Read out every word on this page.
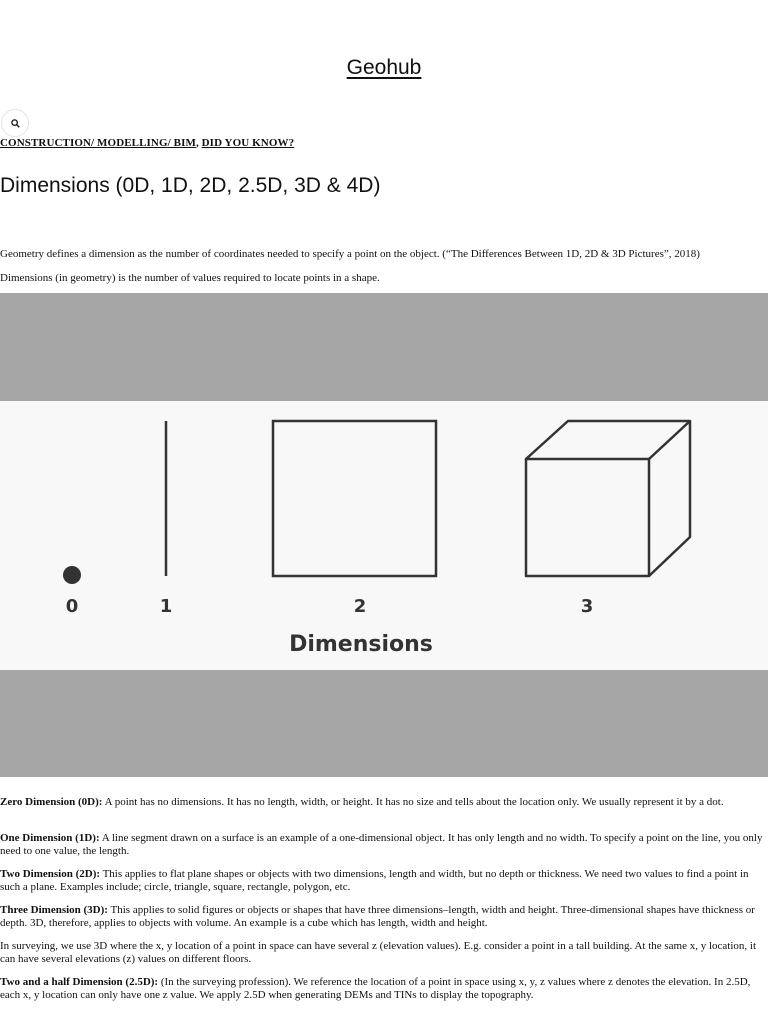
Geohub
CONSTRUCTION/ MODELLING/ BIM, DID YOU KNOW?
Dimensions (0D, 1D, 2D, 2.5D, 3D & 4D)

Geometry defines a dimension as the number of coordinates needed to specify a point on the object. (“The Differences Between 1D, 2D & 3D Pictures”, 2018)

Dimensions (in geometry) is the number of values required to locate points in a shape.

0	1	2	3
Dimensions

Zero Dimension (0D): A point has no dimensions. It has no length, width, or height. It has no size and tells about the location only. We usually represent it by a dot.

One Dimension (1D): A line segment drawn on a surface is an example of a one-dimensional object. It has only length and no width. To specify a point on the line, you only need to one value, the length.

Two Dimension (2D): This applies to flat plane shapes or objects with two dimensions, length and width, but no depth or thickness. We need two values to find a point in such a plane. Examples include; circle, triangle, square, rectangle, polygon, etc.

Three Dimension (3D): This applies to solid figures or objects or shapes that have three dimensions–length, width and height. Three-dimensional shapes have thickness or depth. 3D, therefore, applies to objects with volume. An example is a cube which has length, width and height.

In surveying, we use 3D where the x, y location of a point in space can have several z (elevation values). E.g. consider a point in a tall building. At the same x, y location, it can have several elevations (z) values on different floors.

Two and a half Dimension (2.5D): (In the surveying profession). We reference the location of a point in space using x, y, z values where z denotes the elevation. In 2.5D, each x, y location can only have one z value. We apply 2.5D when generating DEMs and TINs to display the topography.
